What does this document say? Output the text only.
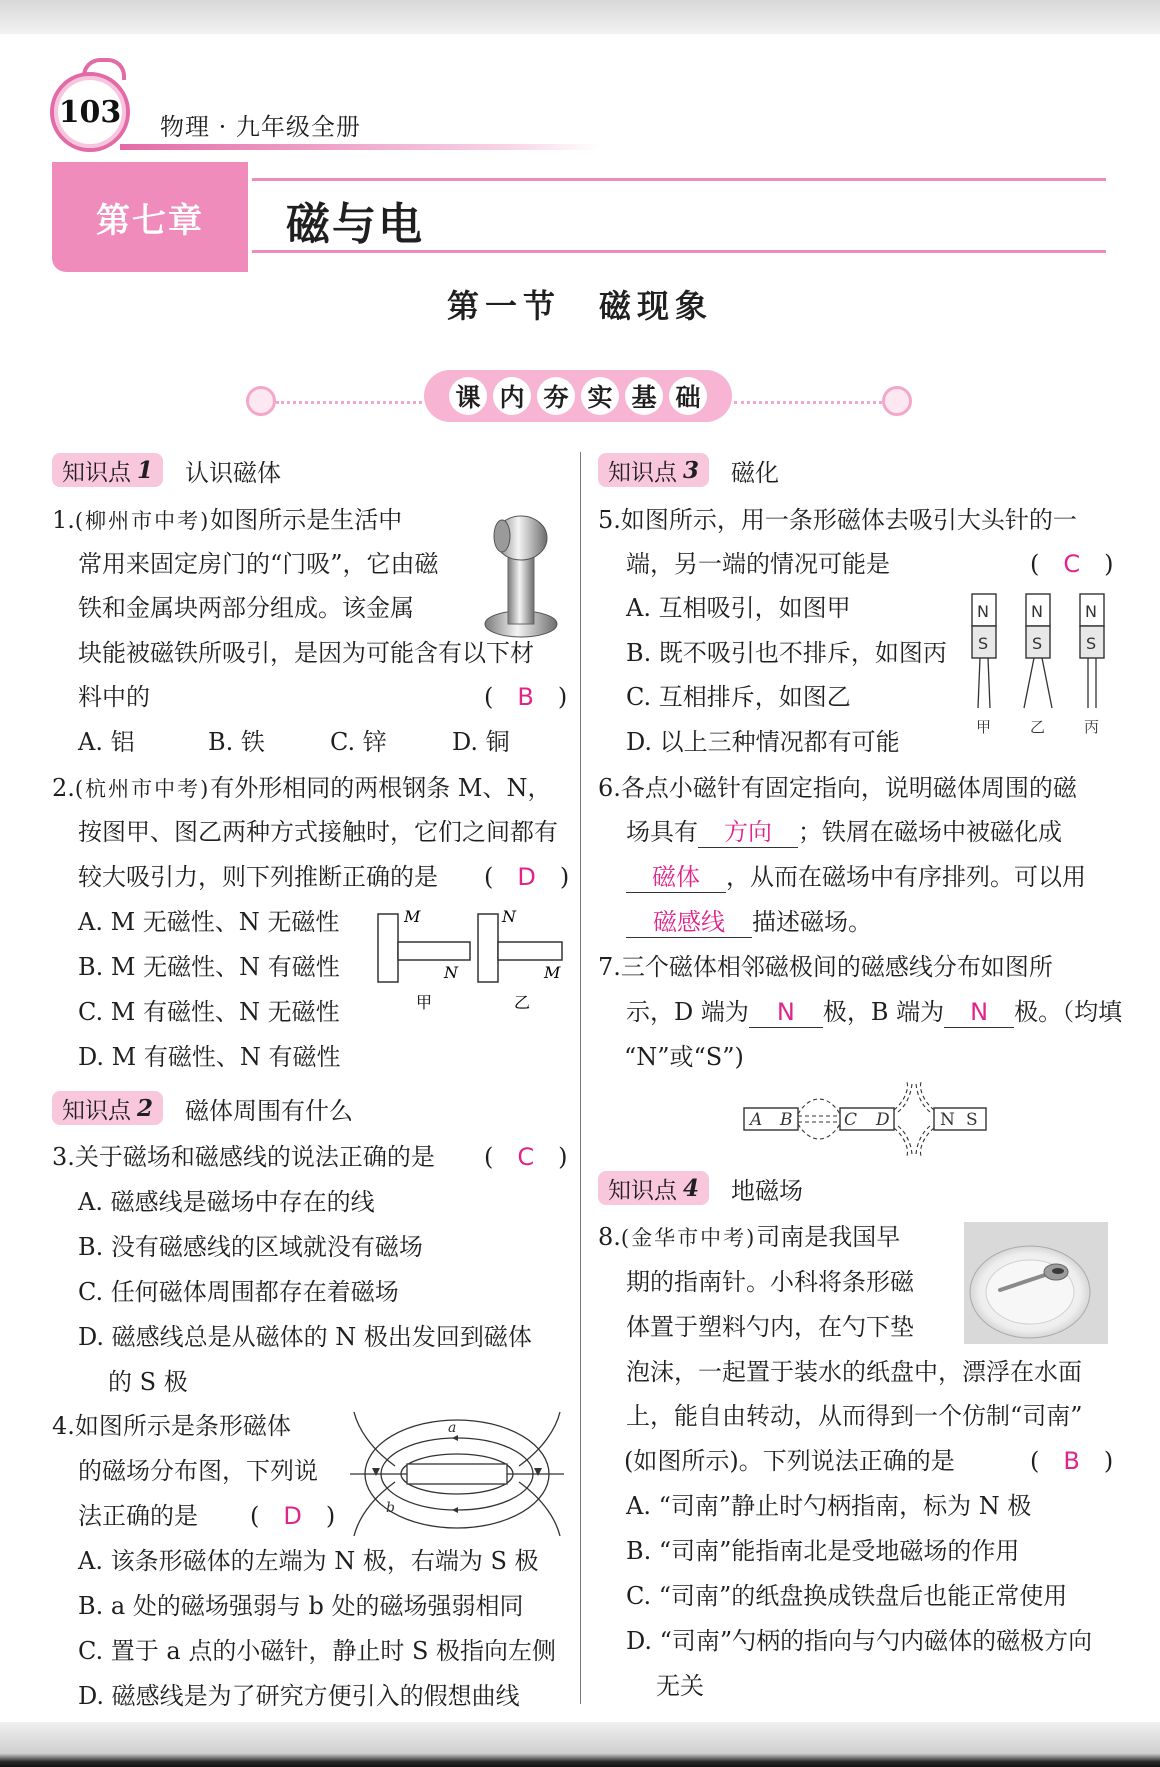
103	物理 · 九年级全册
第七章	磁与电
第一节　磁现象
课 内 夯 实 基 础
知识点 1 认识磁体
1.(柳州市中考)如图所示是生活中
常用来固定房门的“门吸”，它由磁
铁和金属块两部分组成。该金属
块能被磁铁所吸引，是因为可能含有以下材
料中的	(　B　)
A. 铝	B. 铁	C. 锌	D. 铜
2.(杭州市中考)有外形相同的两根钢条 M、N，
按图甲、图乙两种方式接触时，它们之间都有
较大吸引力，则下列推断正确的是 (　D　)
A. M 无磁性、N 无磁性
B. M 无磁性、N 有磁性
C. M 有磁性、N 无磁性
D. M 有磁性、N 有磁性
M
N
N
M
甲	乙
知识点 2 磁体周围有什么
3.关于磁场和磁感线的说法正确的是 (　C　)
A. 磁感线是磁场中存在的线
B. 没有磁感线的区域就没有磁场
C. 任何磁体周围都存在着磁场
D. 磁感线总是从磁体的 N 极出发回到磁体
的 S 极
4.如图所示是条形磁体
的磁场分布图，下列说
法正确的是 (　D　)
A. 该条形磁体的左端为 N 极，右端为 S 极
B. a 处的磁场强弱与 b 处的磁场强弱相同
C. 置于 a 点的小磁针，静止时 S 极指向左侧
D. 磁感线是为了研究方便引入的假想曲线
a
b
知识点 3 磁化
5.如图所示，用一条形磁体去吸引大头针的一
端，另一端的情况可能是	(　C　)
A. 互相吸引，如图甲
B. 既不吸引也不排斥，如图丙
C. 互相排斥，如图乙
D. 以上三种情况都有可能
N
S
N
S
N
S
甲	乙	丙
6.各点小磁针有固定指向，说明磁体周围的磁
场具有 方向 ；铁屑在磁场中被磁化成
磁体 ，从而在磁场中有序排列。可以用
磁感线 描述磁场。
7.三个磁体相邻磁极间的磁感线分布如图所
示，D 端为 N 极，B 端为 N 极。（均填
“N”或“S”)
A B	C D	N S
知识点 4 地磁场
8.(金华市中考)司南是我国早
期的指南针。小科将条形磁
体置于塑料勺内，在勺下垫
泡沫，一起置于装水的纸盘中，漂浮在水面
上，能自由转动，从而得到一个仿制“司南”
(如图所示)。下列说法正确的是	(　B　)
A. “司南”静止时勺柄指南，标为 N 极
B. “司南”能指南北是受地磁场的作用
C. “司南”的纸盘换成铁盘后也能正常使用
D. “司南”勺柄的指向与勺内磁体的磁极方向
无关
